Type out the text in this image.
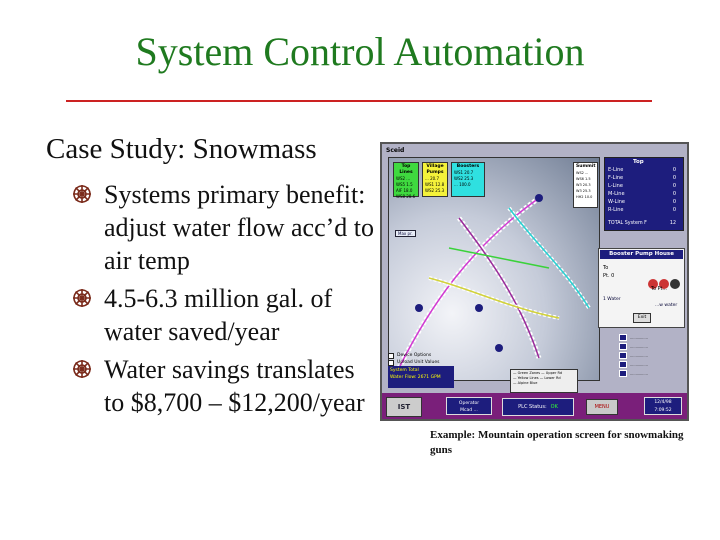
System Control Automation
Case Study: Snowmass
Systems primary benefit: adjust water flow acc’d to air temp
4.5-6.3 million gal. of water saved/year
Water savings translates to $8,700 – $12,200/year
Sceid
Top Lines
WS2 ...
WS5 1.5
AIF 18.0
WS8 28.6
Village Pumps
... 20.7
WS1 12.8
WS2 25.3
Boosters
WS1 20.7
WS2 25.3
... 100.0
Summit
WS2 ...
WS6 1.5
W3 20.3
W3 25.3
HH2 10.0
Max pr.
Top
E-Line	0
F-Line	0
L-Line	0
M-Line	0
W-Line	0
R-Line	0
TOTAL System F	12
Booster Pump House
To
Pt. 0
To Pt...
1 Water
...w water
Exit
................
................
................
................
................
Device Options
Upload Unit Values
System Total
Water Flow: 2671 GPM
— Green Zones — Upper Rd
— Yellow Lines — Lower Rd
— Alpine Blue
IST	Operator
Mcad ...
PLC Status: OK	MENU
12/4/98
7:09:52
Example: Mountain operation screen for snowmaking guns
